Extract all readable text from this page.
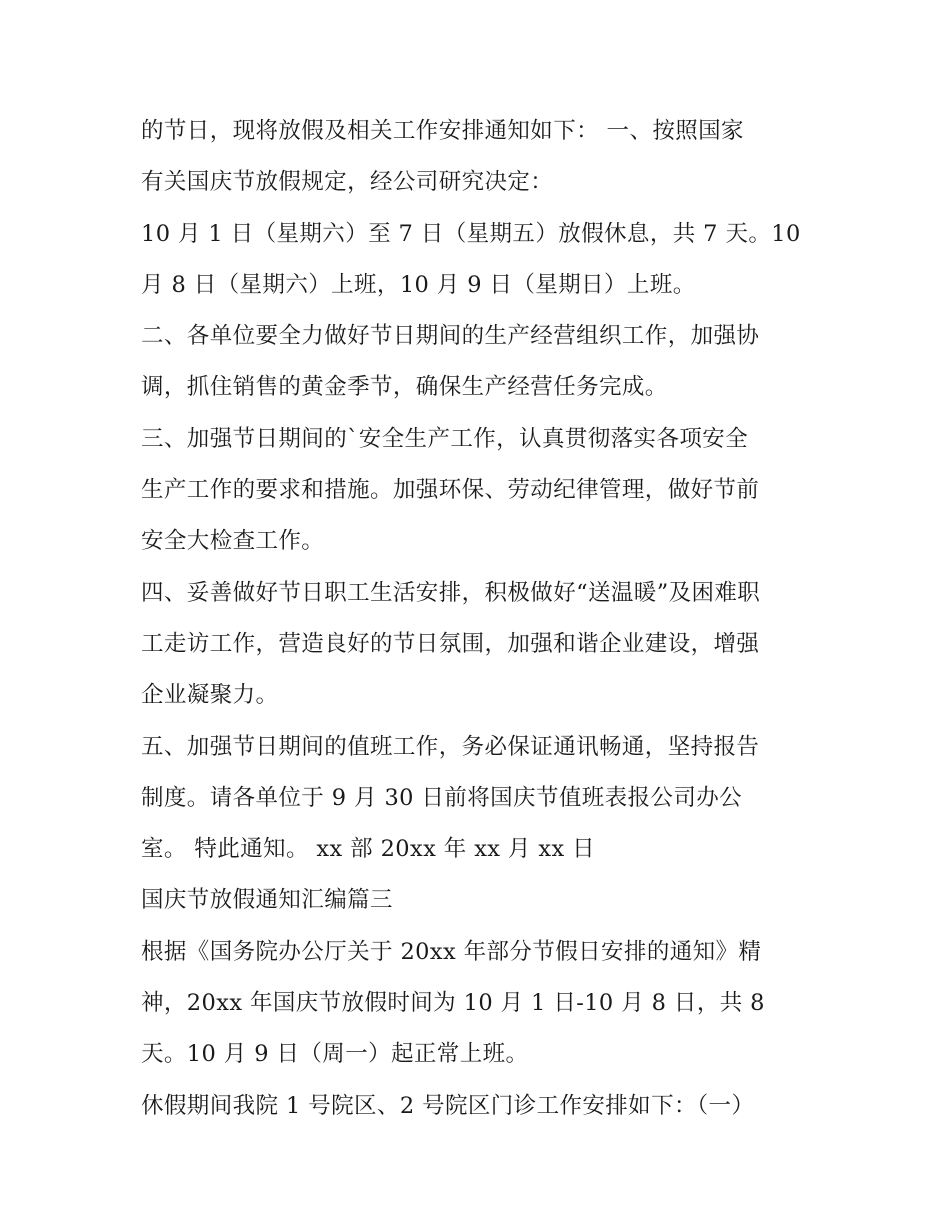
的节日，现将放假及相关工作安排通知如下： 一、按照国家
有关国庆节放假规定，经公司研究决定：
10 月 1 日（星期六）至 7 日（星期五）放假休息，共 7 天。10
月 8 日（星期六）上班，10 月 9 日（星期日）上班。
二、各单位要全力做好节日期间的生产经营组织工作，加强协
调，抓住销售的黄金季节，确保生产经营任务完成。
三、加强节日期间的`安全生产工作，认真贯彻落实各项安全
生产工作的要求和措施。加强环保、劳动纪律管理，做好节前
安全大检查工作。
四、妥善做好节日职工生活安排，积极做好“送温暖”及困难职
工走访工作，营造良好的节日氛围，加强和谐企业建设，增强
企业凝聚力。
五、加强节日期间的值班工作，务必保证通讯畅通，坚持报告
制度。请各单位于 9 月 30 日前将国庆节值班表报公司办公
室。 特此通知。 xx 部 20xx 年 xx 月 xx 日
国庆节放假通知汇编篇三
根据《国务院办公厅关于 20xx 年部分节假日安排的通知》精
神，20xx 年国庆节放假时间为 10 月 1 日-10 月 8 日，共 8
天。10 月 9 日（周一）起正常上班。
休假期间我院 1 号院区、2 号院区门诊工作安排如下：（一）
